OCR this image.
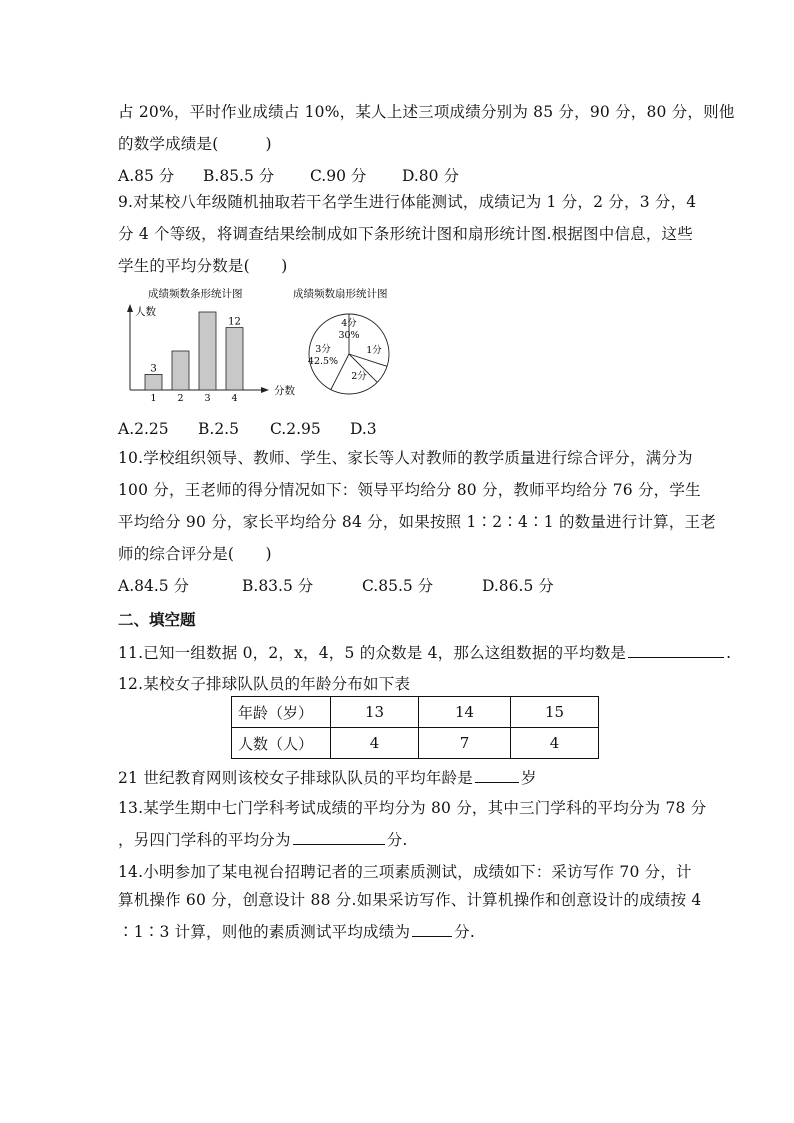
占 20%，平时作业成绩占 10%，某人上述三项成绩分别为 85 分，90 分，80 分，则他
的数学成绩是(　　　)
A.85 分 B.85.5 分 C.90 分 D.80 分
9.对某校八年级随机抽取若干名学生进行体能测试，成绩记为 1 分，2 分，3 分，4
分 4 个等级，将调查结果绘制成如下条形统计图和扇形统计图.根据图中信息，这些
学生的平均分数是(　　)
成绩频数条形统计图
人数
分数
1
3
2 3 4
12
成绩频数扇形统计图
4分
30%
1分
2分
3分
42.5%
A.2.25 B.2.5 C.2.95 D.3
10.学校组织领导、教师、学生、家长等人对教师的教学质量进行综合评分，满分为
100 分，王老师的得分情况如下：领导平均给分 80 分，教师平均给分 76 分，学生
平均给分 90 分，家长平均给分 84 分，如果按照 1∶2∶4∶1 的数量进行计算，王老
师的综合评分是(　　)
A.84.5 分	B.83.5 分	C.85.5 分	D.86.5 分
二、填空题
11.已知一组数据 0，2，x，4，5 的众数是 4，那么这组数据的平均数是	.
12.某校女子排球队队员的年龄分布如下表
年龄（岁）	13	14	15
人数（人）	4	7	4
21 世纪教育网则该校女子排球队队员的平均年龄是	岁
13.某学生期中七门学科考试成绩的平均分为 80 分，其中三门学科的平均分为 78 分
，另四门学科的平均分为	分.
14.小明参加了某电视台招聘记者的三项素质测试，成绩如下：采访写作 70 分，计
算机操作 60 分，创意设计 88 分.如果采访写作、计算机操作和创意设计的成绩按 4
∶1∶3 计算，则他的素质测试平均成绩为	分.
